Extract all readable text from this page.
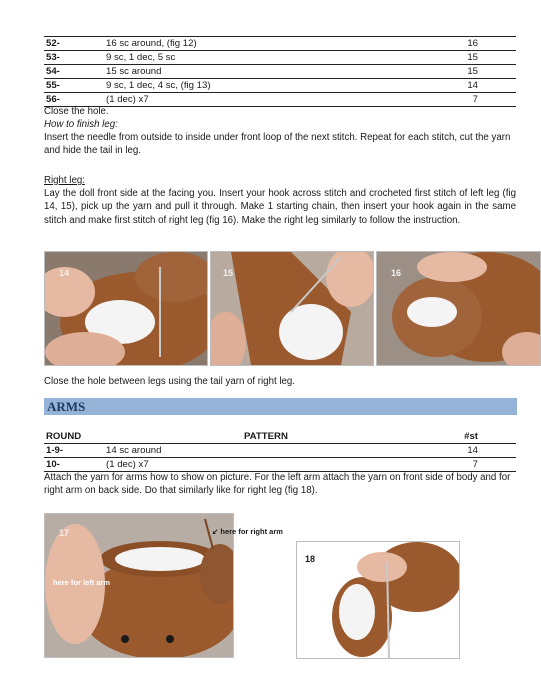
52-	16 sc around, (fig 12)	16
53-	9 sc, 1 dec, 5 sc	15
54-	15 sc around	15
55-	9 sc, 1 dec, 4 sc, (fig 13)	14
56-	(1 dec) x7	7
Close the hole.
How to finish leg:
Insert the needle from outside to inside under front loop of the next stitch. Repeat for each stitch, cut the yarn and hide the tail in leg.
Right leg:
Lay the doll front side at the facing you. Insert your hook across stitch and crocheted first stitch of left leg (fig 14, 15), pick up the yarn and pull it through. Make 1 starting chain, then insert your hook again in the same stitch and make first stitch of right leg (fig 16). Make the right leg similarly to follow the instruction.
14	15	16
Close the hole between legs using the tail yarn of right leg.
ARMS
ROUND	PATTERN	#st
1-9-	14 sc around	14
10-	(1 dec) x7	7
Attach the yarn for arms how to show on picture. For the left arm attach the yarn on front side of body and for right arm on back side. Do that similarly like for right leg (fig 18).
17
here for left arm
↙ here for right arm
18
